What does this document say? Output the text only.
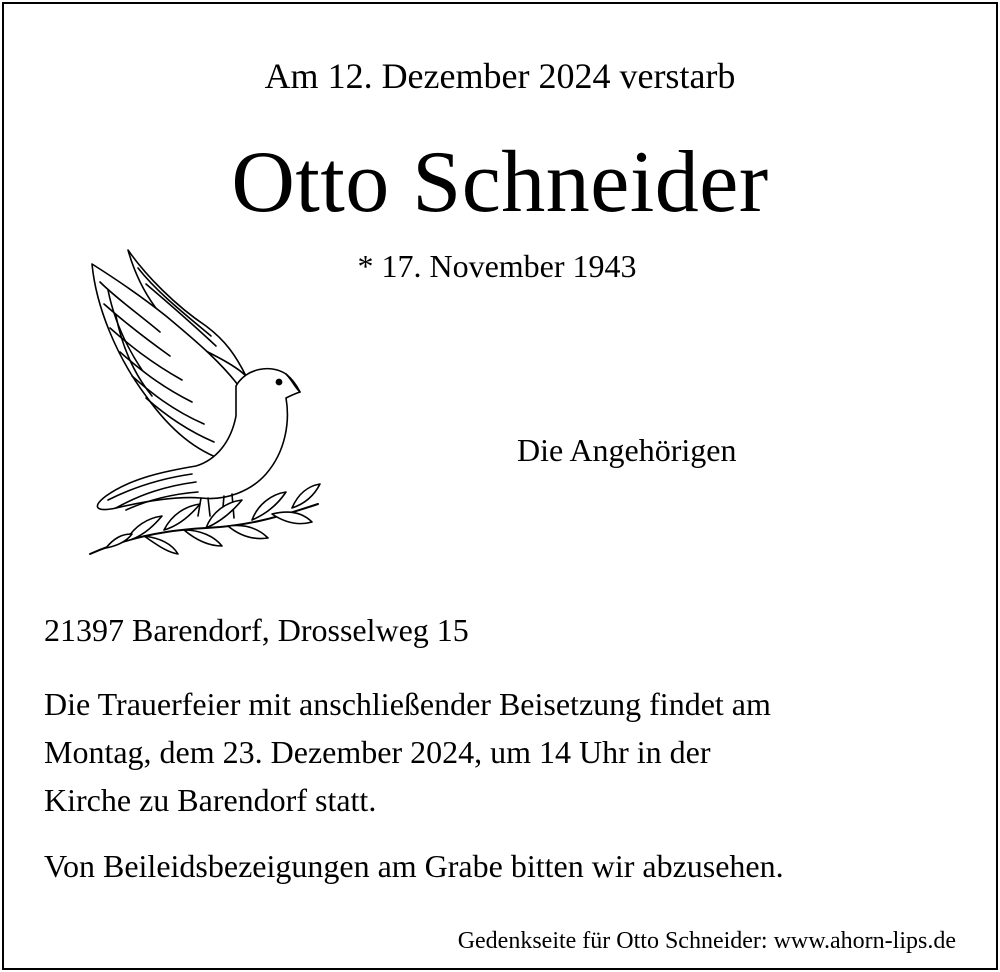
Am 12. Dezember 2024 verstarb
Otto Schneider
* 17. November 1943
Die Angehörigen
21397 Barendorf, Drosselweg 15
Die Trauerfeier mit anschließender Beisetzung findet am
Montag, dem 23. Dezember 2024, um 14 Uhr in der
Kirche zu Barendorf statt.
Von Beileidsbezeigungen am Grabe bitten wir abzusehen.
Gedenkseite für Otto Schneider: www.ahorn-lips.de
